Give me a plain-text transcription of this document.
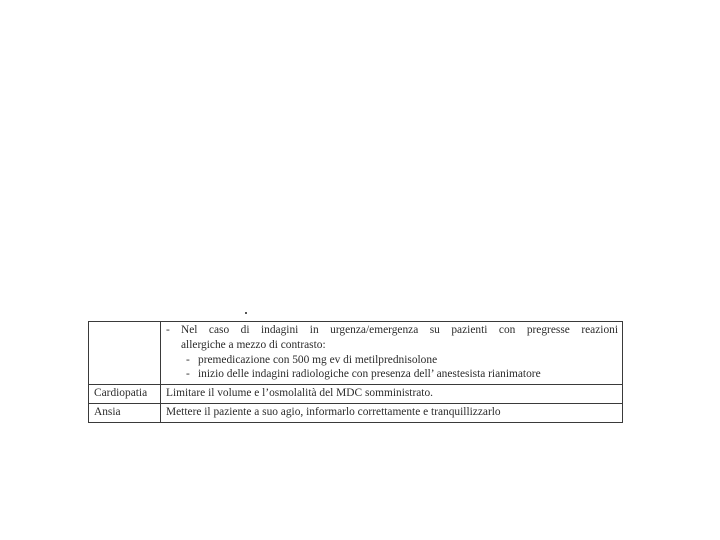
	- Nel caso di indagini in urgenza/emergenza su pazienti con pregresse reazioni
allergiche a mezzo di contrasto:
- premedicazione con 500 mg ev di metilprednisolone
- inizio delle indagini radiologiche con presenza dell’ anestesista rianimatore

Cardiopatia	Limitare il volume e l’osmolalità del MDC somministrato.
Ansia	Mettere il paziente a suo agio, informarlo correttamente e tranquillizzarlo
